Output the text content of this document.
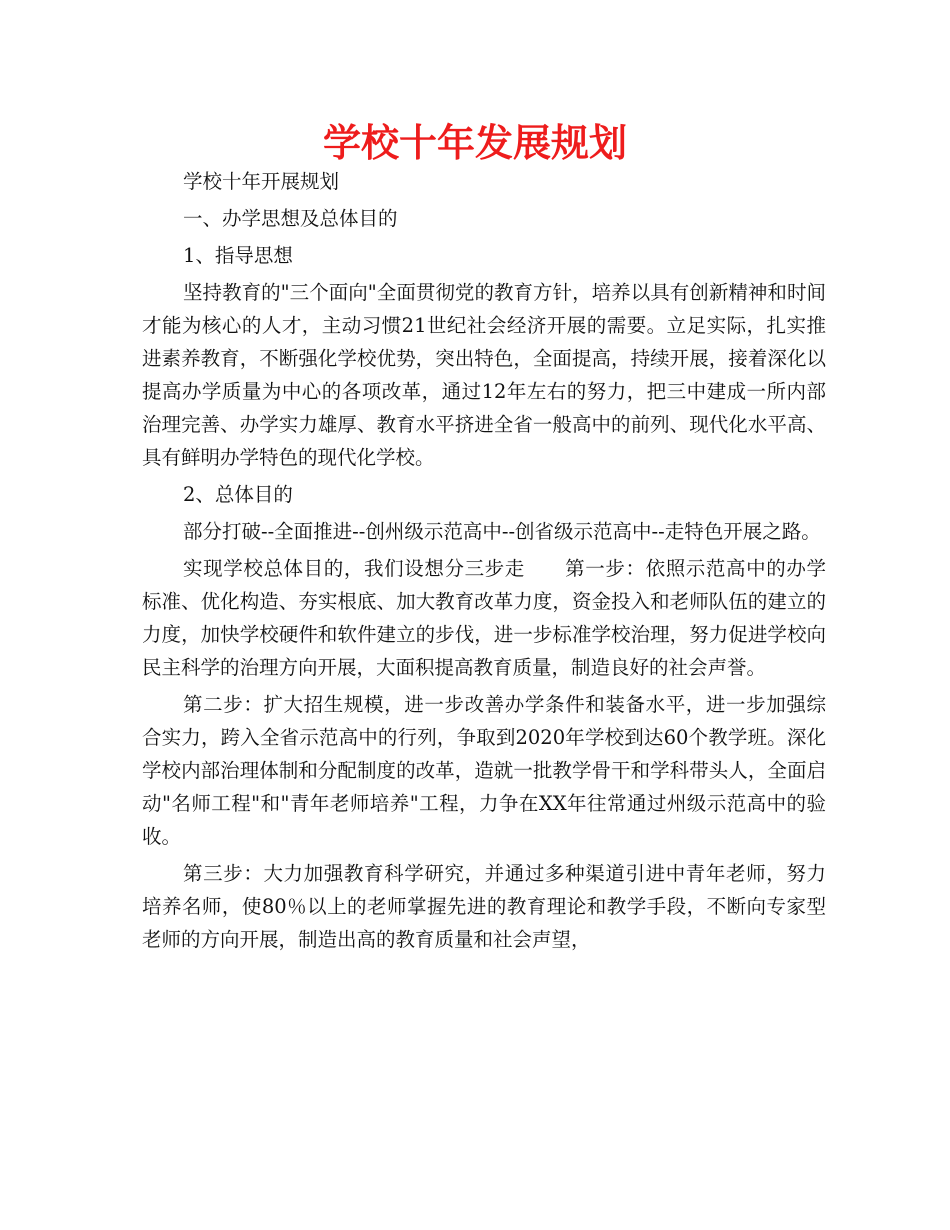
学校十年发展规划

学校十年开展规划

一、办学思想及总体目的

1、指导思想

坚持教育的"三个面向"全面贯彻党的教育方针，培养以具有创新精神和时间才能为核心的人才，主动习惯21世纪社会经济开展的需要。立足实际，扎实推进素养教育，不断强化学校优势，突出特色，全面提高，持续开展，接着深化以提高办学质量为中心的各项改革，通过12年左右的努力，把三中建成一所内部治理完善、办学实力雄厚、教育水平挤进全省一般高中的前列、现代化水平高、具有鲜明办学特色的现代化学校。

2、总体目的

部分打破--全面推进--创州级示范高中--创省级示范高中--走特色开展之路。

实现学校总体目的，我们设想分三步走　　第一步：依照示范高中的办学标准、优化构造、夯实根底、加大教育改革力度，资金投入和老师队伍的建立的力度，加快学校硬件和软件建立的步伐，进一步标准学校治理，努力促进学校向民主科学的治理方向开展，大面积提高教育质量，制造良好的社会声誉。

第二步：扩大招生规模，进一步改善办学条件和装备水平，进一步加强综合实力，跨入全省示范高中的行列，争取到2020年学校到达60个教学班。深化学校内部治理体制和分配制度的改革，造就一批教学骨干和学科带头人，全面启动"名师工程"和"青年老师培养"工程，力争在XX年往常通过州级示范高中的验收。

第三步：大力加强教育科学研究，并通过多种渠道引进中青年老师，努力培养名师，使80％以上的老师掌握先进的教育理论和教学手段，不断向专家型老师的方向开展，制造出高的教育质量和社会声望，
